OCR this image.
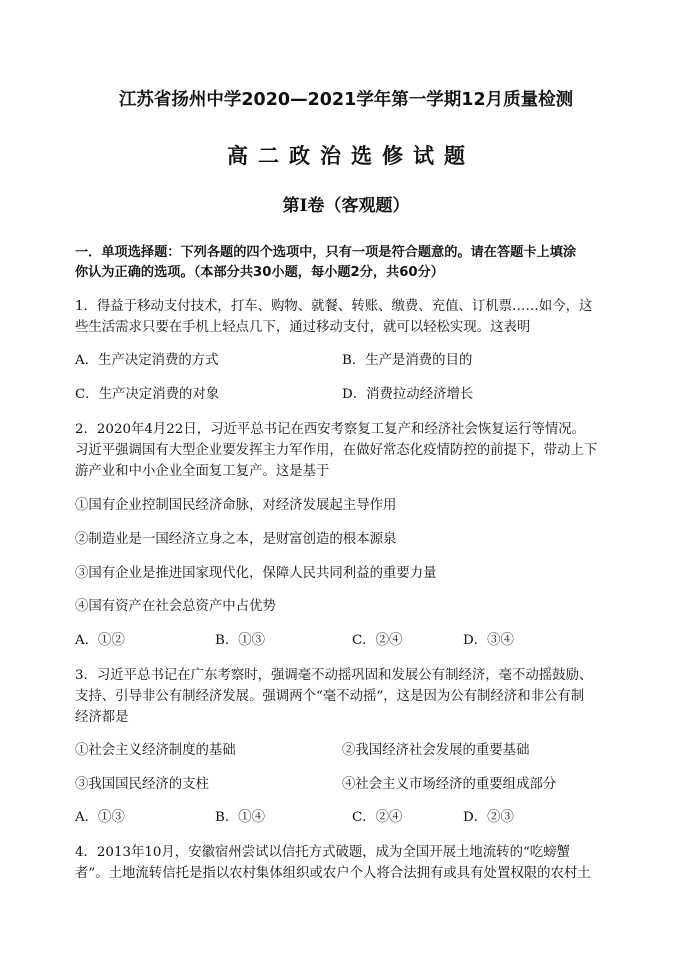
江苏省扬州中学2020—2021学年第一学期12月质量检测
高二政治选修试题
第Ⅰ卷（客观题）
一．单项选择题：下列各题的四个选项中，只有一项是符合题意的。请在答题卡上填涂
你认为正确的选项。（本部分共30小题，每小题2分，共60分）
1．得益于移动支付技术，打车、购物、就餐、转账、缴费、充值、订机票……如今，这
些生活需求只要在手机上轻点几下，通过移动支付，就可以轻松实现。这表明
A．生产决定消费的方式	B．生产是消费的目的
C．生产决定消费的对象	D．消费拉动经济增长
2．2020年4月22日，习近平总书记在西安考察复工复产和经济社会恢复运行等情况。
习近平强调国有大型企业要发挥主力军作用，在做好常态化疫情防控的前提下，带动上下
游产业和中小企业全面复工复产。这是基于
①国有企业控制国民经济命脉，对经济发展起主导作用
②制造业是一国经济立身之本，是财富创造的根本源泉
③国有企业是推进国家现代化，保障人民共同利益的重要力量
④国有资产在社会总资产中占优势
A．①②	B．①③	C．②④	D．③④
3．习近平总书记在广东考察时，强调毫不动摇巩固和发展公有制经济，毫不动摇鼓励、
支持、引导非公有制经济发展。强调两个“毫不动摇”，这是因为公有制经济和非公有制
经济都是
①社会主义经济制度的基础	②我国经济社会发展的重要基础
③我国国民经济的支柱	④社会主义市场经济的重要组成部分
A．①③	B．①④	C．②④	D．②③
4．2013年10月，安徽宿州尝试以信托方式破题，成为全国开展土地流转的“吃螃蟹
者”。土地流转信托是指以农村集体组织或农户个人将合法拥有或具有处置权限的农村土
